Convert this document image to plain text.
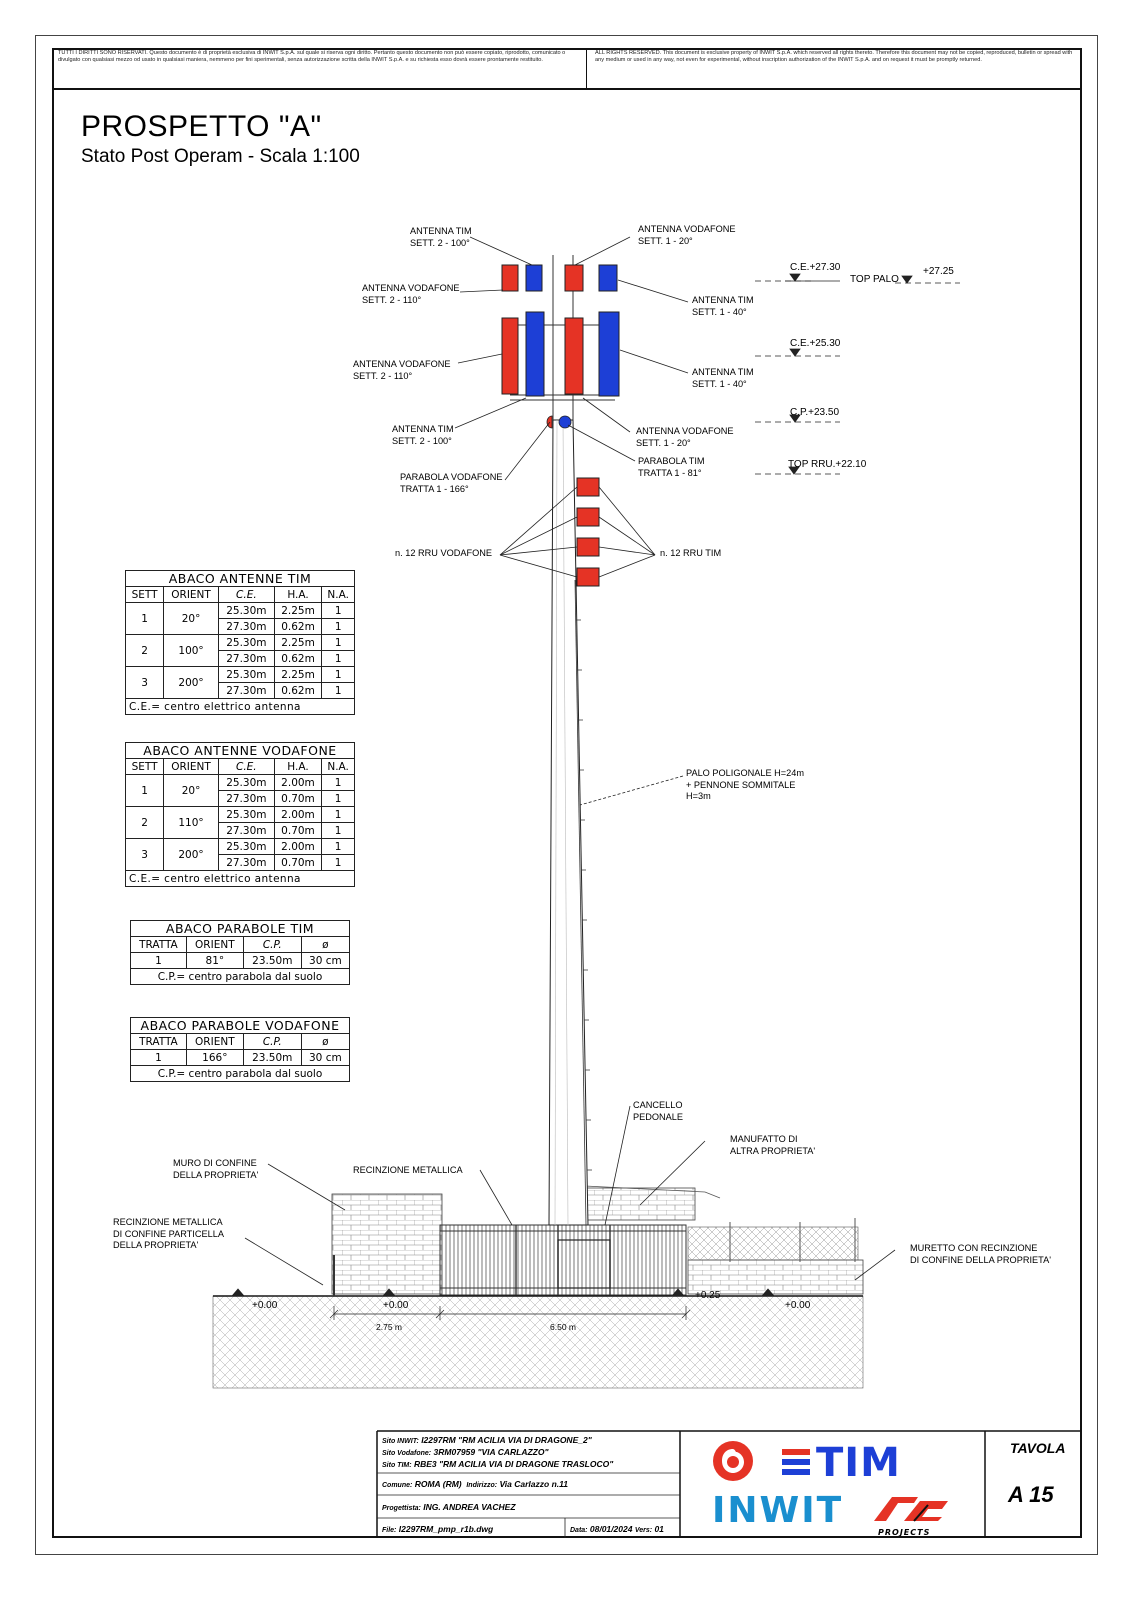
TUTTI I DIRITTI SONO RISERVATI. Questo documento è di proprietà esclusiva di INWIT S.p.A. sul quale si riserva ogni diritto. Pertanto questo documento non può essere copiato, riprodotto, comunicato o divulgato con qualsiasi mezzo od usato in qualsiasi maniera, nemmeno per fini sperimentali, senza autorizzazione scritta della INWIT S.p.A. e su richiesta esso dovrà essere prontamente restituito.
ALL RIGHTS RESERVED. This document is exclusive property of INWIT S.p.A. which reserved all rights thereto. Therefore this document may not be copied, reproduced, bulletin or spread with any medium or used in any way, not even for experimental, without inscription authorization of the INWIT S.p.A. and on request it must be promptly returned.
PROSPETTO "A"
Stato Post Operam - Scala 1:100
ANTENNA TIM
SETT. 2 - 100°
ANTENNA VODAFONE
SETT. 1 - 20°
ANTENNA VODAFONE
SETT. 2 - 110°	ANTENNA TIM
SETT. 1 - 40°
ANTENNA VODAFONE
SETT. 2 - 110°	ANTENNA TIM
SETT. 1 - 40°
ANTENNA TIM
SETT. 2 - 100°
ANTENNA VODAFONE
SETT. 1 - 20°
PARABOLA TIM
TRATTA 1 - 81°
PARABOLA VODAFONE
TRATTA 1 - 166°
n. 12 RRU VODAFONE	n. 12 RRU TIM
PALO POLIGONALE H=24m
+ PENNONE SOMMITALE
H=3m
CANCELLO
PEDONALE
MANUFATTO DI
ALTRA PROPRIETA'
MURO DI CONFINE
DELLA PROPRIETA'	RECINZIONE METALLICA
RECINZIONE METALLICA
DI CONFINE PARTICELLA
DELLA PROPRIETA'	MURETTO CON RECINZIONE
DI CONFINE DELLA PROPRIETA'
C.E.+27.30
TOP PALO
+27.25
C.E.+25.30
C.P.+23.50
TOP RRU.+22.10
+0.00	+0.00
+0.25
+0.00
2.75 m	6.50 m
ABACO ANTENNE TIM				
SETT	ORIENT	C.E.	H.A.	N.A.
1	20°	25.30m	2.25m	1
		27.30m	0.62m	1
2	100°	25.30m	2.25m	1
		27.30m	0.62m	1
3	200°	25.30m	2.25m	1
		27.30m	0.62m	1
C.E.= centro elettrico antenna				
ABACO ANTENNE VODAFONE				
SETT	ORIENT	C.E.	H.A.	N.A.
1	20°	25.30m	2.00m	1
		27.30m	0.70m	1
2	110°	25.30m	2.00m	1
		27.30m	0.70m	1
3	200°	25.30m	2.00m	1
		27.30m	0.70m	1
C.E.= centro elettrico antenna				
ABACO PARABOLE TIM			
TRATTA	ORIENT	C.P.	ø
1	81°	23.50m	30 cm
C.P.= centro parabola dal suolo			
ABACO PARABOLE VODAFONE			
TRATTA	ORIENT	C.P.	ø
1	166°	23.50m	30 cm
C.P.= centro parabola dal suolo			
Sito INWIT: I2297RM "RM ACILIA VIA DI DRAGONE_2"
Sito Vodafone: 3RM07959 "VIA CARLAZZO"
Sito TIM: RBE3 "RM ACILIA VIA DI DRAGONE TRASLOCO"
Comune: ROMA (RM) Indirizzo: Via Carlazzo n.11
Progettista: ING. ANDREA VACHEZ
File: I2297RM_pmp_r1b.dwg	Data: 08/01/2024 Vers: 01
TIM
INWIT
PROJECTS
TAVOLA
A 15
